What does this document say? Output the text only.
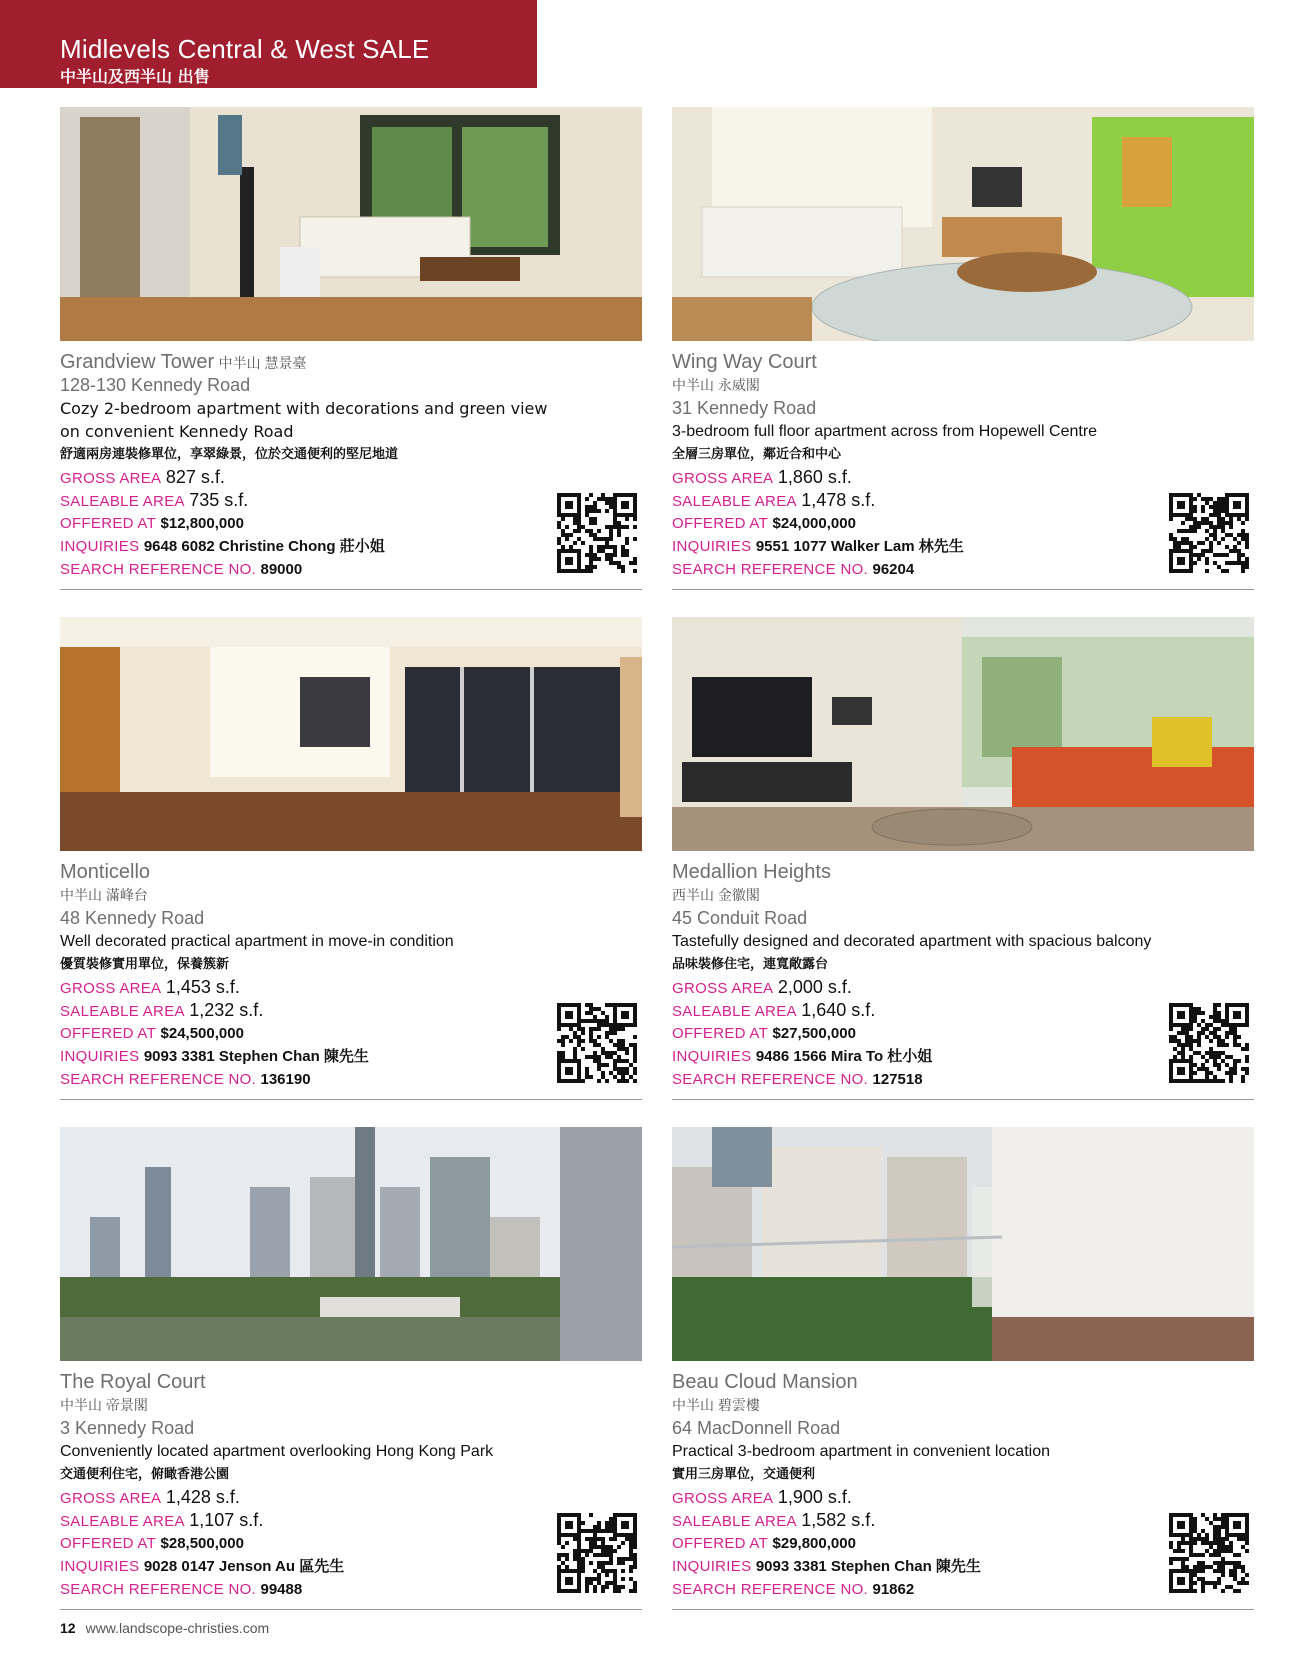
Midlevels Central & West SALE
中半山及西半山 出售
Grandview Tower 中半山 慧景臺
128-130 Kennedy Road
Cozy 2-bedroom apartment with decorations and green view on convenient Kennedy Road
舒適兩房連裝修單位，享翠綠景，位於交通便利的堅尼地道
GROSS AREA 827 s.f.
SALEABLE AREA 735 s.f.
OFFERED AT $12,800,000
INQUIRIES 9648 6082 Christine Chong 莊小姐
SEARCH REFERENCE NO. 89000
Wing Way Court
中半山 永威閣
31 Kennedy Road
3-bedroom full floor apartment across from Hopewell Centre
全層三房單位，鄰近合和中心
GROSS AREA 1,860 s.f.
SALEABLE AREA 1,478 s.f.
OFFERED AT $24,000,000
INQUIRIES 9551 1077 Walker Lam 林先生
SEARCH REFERENCE NO. 96204
Monticello
中半山 滿峰台
48 Kennedy Road
Well decorated practical apartment in move-in condition
優質裝修實用單位，保養簇新
GROSS AREA 1,453 s.f.
SALEABLE AREA 1,232 s.f.
OFFERED AT $24,500,000
INQUIRIES 9093 3381 Stephen Chan 陳先生
SEARCH REFERENCE NO. 136190
Medallion Heights
西半山 金徽閣
45 Conduit Road
Tastefully designed and decorated apartment with spacious balcony
品味裝修住宅，連寬敞露台
GROSS AREA 2,000 s.f.
SALEABLE AREA 1,640 s.f.
OFFERED AT $27,500,000
INQUIRIES 9486 1566 Mira To 杜小姐
SEARCH REFERENCE NO. 127518
The Royal Court
中半山 帝景閣
3 Kennedy Road
Conveniently located apartment overlooking Hong Kong Park
交通便利住宅，俯瞰香港公園
GROSS AREA 1,428 s.f.
SALEABLE AREA 1,107 s.f.
OFFERED AT $28,500,000
INQUIRIES 9028 0147 Jenson Au 區先生
SEARCH REFERENCE NO. 99488
Beau Cloud Mansion
中半山 碧雲樓
64 MacDonnell Road
Practical 3-bedroom apartment in convenient location
實用三房單位，交通便利
GROSS AREA 1,900 s.f.
SALEABLE AREA 1,582 s.f.
OFFERED AT $29,800,000
INQUIRIES 9093 3381 Stephen Chan 陳先生
SEARCH REFERENCE NO. 91862
12 www.landscope-christies.com
